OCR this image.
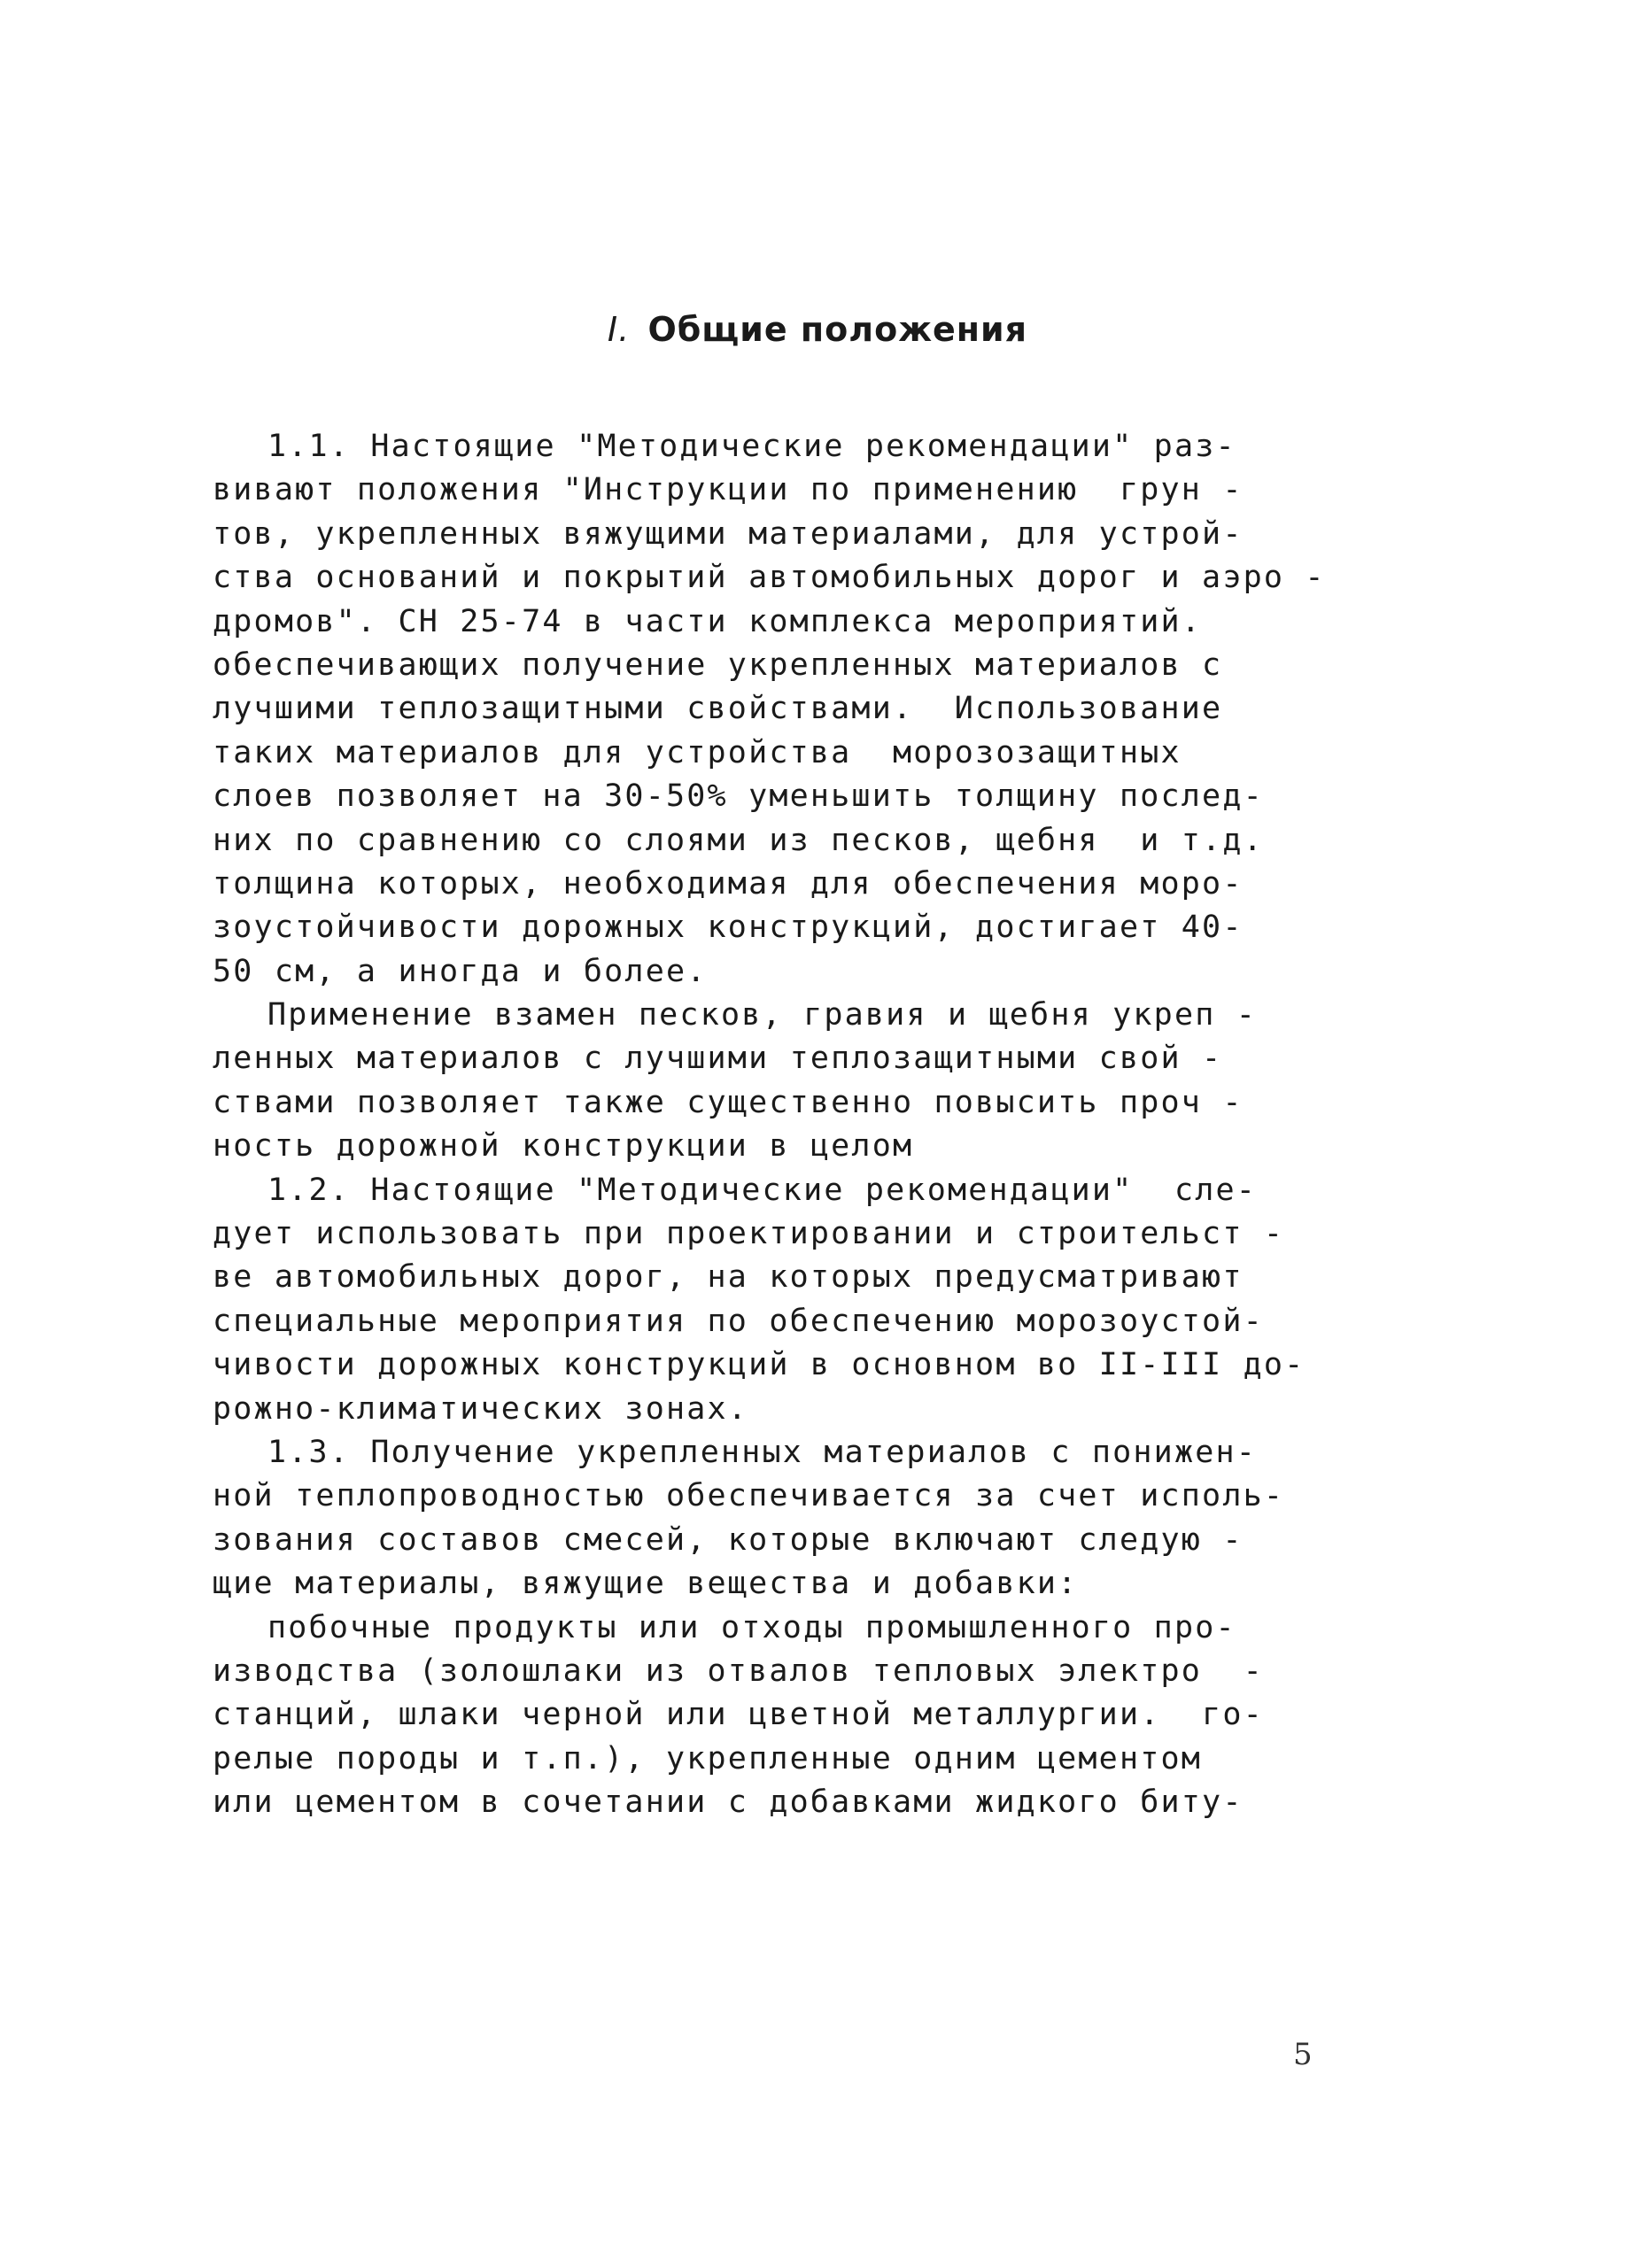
I. Общие положения
1.1. Настоящие "Методические рекомендации" раз-
вивают положения "Инструкции по применению  грун -
тов, укрепленных вяжущими материалами, для устрой-
ства оснований и покрытий автомобильных дорог и аэро -
дромов". СН 25-74 в части комплекса мероприятий.
обеспечивающих получение укрепленных материалов с
лучшими теплозащитными свойствами.  Использование
таких материалов для устройства  морозозащитных
слоев позволяет на 30-50% уменьшить толщину послед-
них по сравнению со слоями из песков, щебня  и т.д.
толщина которых, необходимая для обеспечения моро-
зоустойчивости дорожных конструкций, достигает 40-
50 см, а иногда и более.
Применение взамен песков, гравия и щебня укреп -
ленных материалов с лучшими теплозащитными свой -
ствами позволяет также существенно повысить проч -
ность дорожной конструкции в целом
1.2. Настоящие "Методические рекомендации"  сле-
дует использовать при проектировании и строительст -
ве автомобильных дорог, на которых предусматривают
специальные мероприятия по обеспечению морозоустой-
чивости дорожных конструкций в основном во II-III до-
рожно-климатических зонах.
1.3. Получение укрепленных материалов с понижен-
ной теплопроводностью обеспечивается за счет исполь-
зования составов смесей, которые включают следую -
щие материалы, вяжущие вещества и добавки:
побочные продукты или отходы промышленного про-
изводства (золошлаки из отвалов тепловых электро  -
станций, шлаки черной или цветной металлургии.  го-
релые породы и т.п.), укрепленные одним цементом
или цементом в сочетании с добавками жидкого биту-
5
